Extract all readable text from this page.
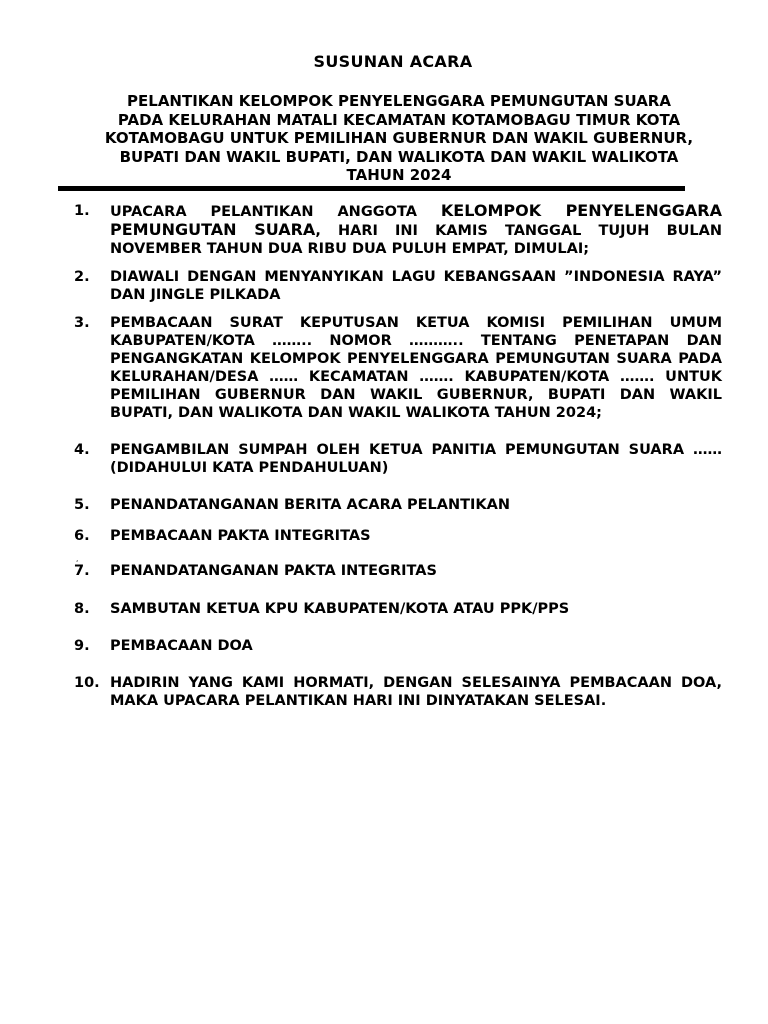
SUSUNAN ACARA
PELANTIKAN KELOMPOK PENYELENGGARA PEMUNGUTAN SUARA
PADA KELURAHAN MATALI KECAMATAN KOTAMOBAGU TIMUR KOTA
KOTAMOBAGU UNTUK PEMILIHAN GUBERNUR DAN WAKIL GUBERNUR,
BUPATI DAN WAKIL BUPATI, DAN WALIKOTA DAN WAKIL WALIKOTA
TAHUN 2024
1.	UPACARA PELANTIKAN ANGGOTA KELOMPOK PENYELENGGARA PEMUNGUTAN SUARA, HARI INI KAMIS TANGGAL TUJUH BULAN NOVEMBER TAHUN DUA RIBU DUA PULUH EMPAT, DIMULAI;
2.	DIAWALI DENGAN MENYANYIKAN LAGU KEBANGSAAN ”INDONESIA RAYA” DAN JINGLE PILKADA
3.	PEMBACAAN SURAT KEPUTUSAN KETUA KOMISI PEMILIHAN UMUM KABUPATEN/KOTA …….. NOMOR ……….. TENTANG PENETAPAN DAN PENGANGKATAN KELOMPOK PENYELENGGARA PEMUNGUTAN SUARA PADA KELURAHAN/DESA …… KECAMATAN ……. KABUPATEN/KOTA ……. UNTUK PEMILIHAN GUBERNUR DAN WAKIL GUBERNUR, BUPATI DAN WAKIL BUPATI, DAN WALIKOTA DAN WAKIL WALIKOTA TAHUN 2024;
4.	PENGAMBILAN SUMPAH OLEH KETUA PANITIA PEMUNGUTAN SUARA …… (DIDAHULUI KATA PENDAHULUAN)
5.	PENANDATANGANAN BERITA ACARA PELANTIKAN
6.	PEMBACAAN PAKTA INTEGRITAS
7.	PENANDATANGANAN PAKTA INTEGRITAS
8.	SAMBUTAN KETUA KPU KABUPATEN/KOTA ATAU PPK/PPS
9.	PEMBACAAN DOA
10. HADIRIN YANG KAMI HORMATI, DENGAN SELESAINYA PEMBACAAN DOA, MAKA UPACARA PELANTIKAN HARI INI DINYATAKAN SELESAI.
‚
